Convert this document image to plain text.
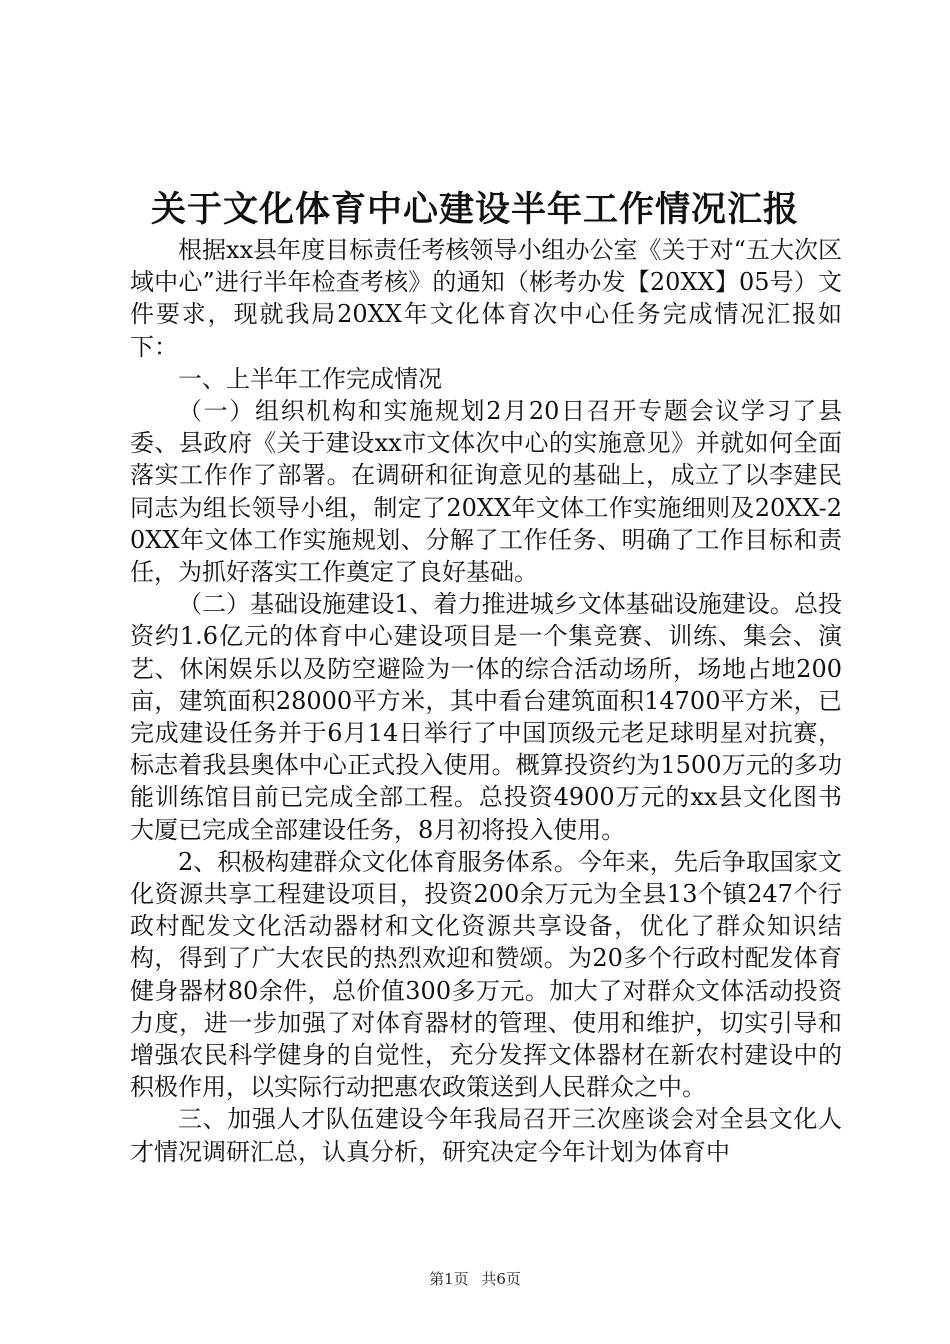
关于文化体育中心建设半年工作情况汇报

根据xx县年度目标责任考核领导小组办公室《关于对“五大次区域中心”进行半年检查考核》的通知（彬考办发【20XX】05号）文件要求，现就我局20XX年文化体育次中心任务完成情况汇报如下：

一、上半年工作完成情况

（一）组织机构和实施规划2月20日召开专题会议学习了县委、县政府《关于建设xx市文体次中心的实施意见》并就如何全面落实工作作了部署。在调研和征询意见的基础上，成立了以李建民同志为组长领导小组，制定了20XX年文体工作实施细则及20XX-20XX年文体工作实施规划、分解了工作任务、明确了工作目标和责任，为抓好落实工作奠定了良好基础。

（二）基础设施建设1、着力推进城乡文体基础设施建设。总投资约1.6亿元的体育中心建设项目是一个集竞赛、训练、集会、演艺、休闲娱乐以及防空避险为一体的综合活动场所，场地占地200亩，建筑面积28000平方米，其中看台建筑面积14700平方米，已完成建设任务并于6月14日举行了中国顶级元老足球明星对抗赛，标志着我县奥体中心正式投入使用。概算投资约为1500万元的多功能训练馆目前已完成全部工程。总投资4900万元的xx县文化图书大厦已完成全部建设任务，8月初将投入使用。

2、积极构建群众文化体育服务体系。今年来，先后争取国家文化资源共享工程建设项目，投资200余万元为全县13个镇247个行政村配发文化活动器材和文化资源共享设备，优化了群众知识结构，得到了广大农民的热烈欢迎和赞颂。为20多个行政村配发体育健身器材80余件，总价值300多万元。加大了对群众文体活动投资力度，进一步加强了对体育器材的管理、使用和维护，切实引导和增强农民科学健身的自觉性，充分发挥文体器材在新农村建设中的积极作用，以实际行动把惠农政策送到人民群众之中。

三、加强人才队伍建设今年我局召开三次座谈会对全县文化人才情况调研汇总，认真分析，研究决定今年计划为体育中

第1页 共6页
